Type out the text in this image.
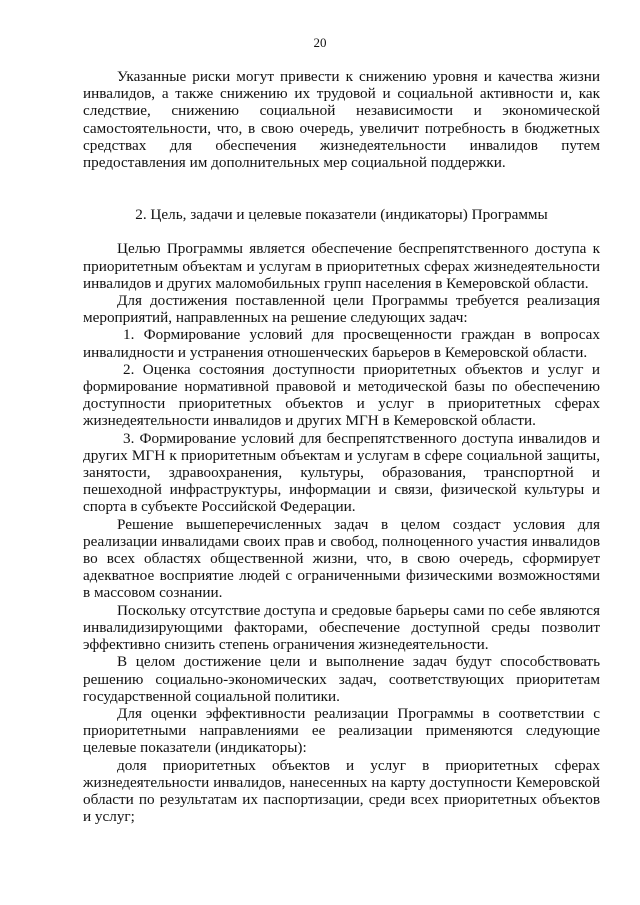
20

Указанные риски могут привести к снижению уровня и качества жизни инвалидов, а также снижению их трудовой и социальной активности и, как следствие, снижению социальной независимости и экономической самостоятельности, что, в свою очередь, увеличит потребность в бюджетных средствах для обеспечения жизнедеятельности инвалидов путем предоставления им дополнительных мер социальной поддержки.

2. Цель, задачи и целевые показатели (индикаторы) Программы

Целью Программы является обеспечение беспрепятственного доступа к приоритетным объектам и услугам в приоритетных сферах жизнедеятельности инвалидов и других маломобильных групп населения в Кемеровской области.

Для достижения поставленной цели Программы требуется реализация мероприятий, направленных на решение следующих задач:

1. Формирование условий для просвещенности граждан в вопросах инвалидности и устранения отношенческих барьеров в Кемеровской области.

2. Оценка состояния доступности приоритетных объектов и услуг и формирование нормативной правовой и методической базы по обеспечению доступности приоритетных объектов и услуг в приоритетных сферах жизнедеятельности инвалидов и других МГН в Кемеровской области.

3. Формирование условий для беспрепятственного доступа инвалидов и других МГН к приоритетным объектам и услугам в сфере социальной защиты, занятости, здравоохранения, культуры, образования, транспортной и пешеходной инфраструктуры, информации и связи, физической культуры и спорта в субъекте Российской Федерации.

Решение вышеперечисленных задач в целом создаст условия для реализации инвалидами своих прав и свобод, полноценного участия инвалидов во всех областях общественной жизни, что, в свою очередь, сформирует адекватное восприятие людей с ограниченными физическими возможностями в массовом сознании.

Поскольку отсутствие доступа и средовые барьеры сами по себе являются инвалидизирующими факторами, обеспечение доступной среды позволит эффективно снизить степень ограничения жизнедеятельности.

В целом достижение цели и выполнение задач будут способствовать решению социально-экономических задач, соответствующих приоритетам государственной социальной политики.

Для оценки эффективности реализации Программы в соответствии с приоритетными направлениями ее реализации применяются следующие целевые показатели (индикаторы):

доля приоритетных объектов и услуг в приоритетных сферах жизнедеятельности инвалидов, нанесенных на карту доступности Кемеровской области по результатам их паспортизации, среди всех приоритетных объектов и услуг;
